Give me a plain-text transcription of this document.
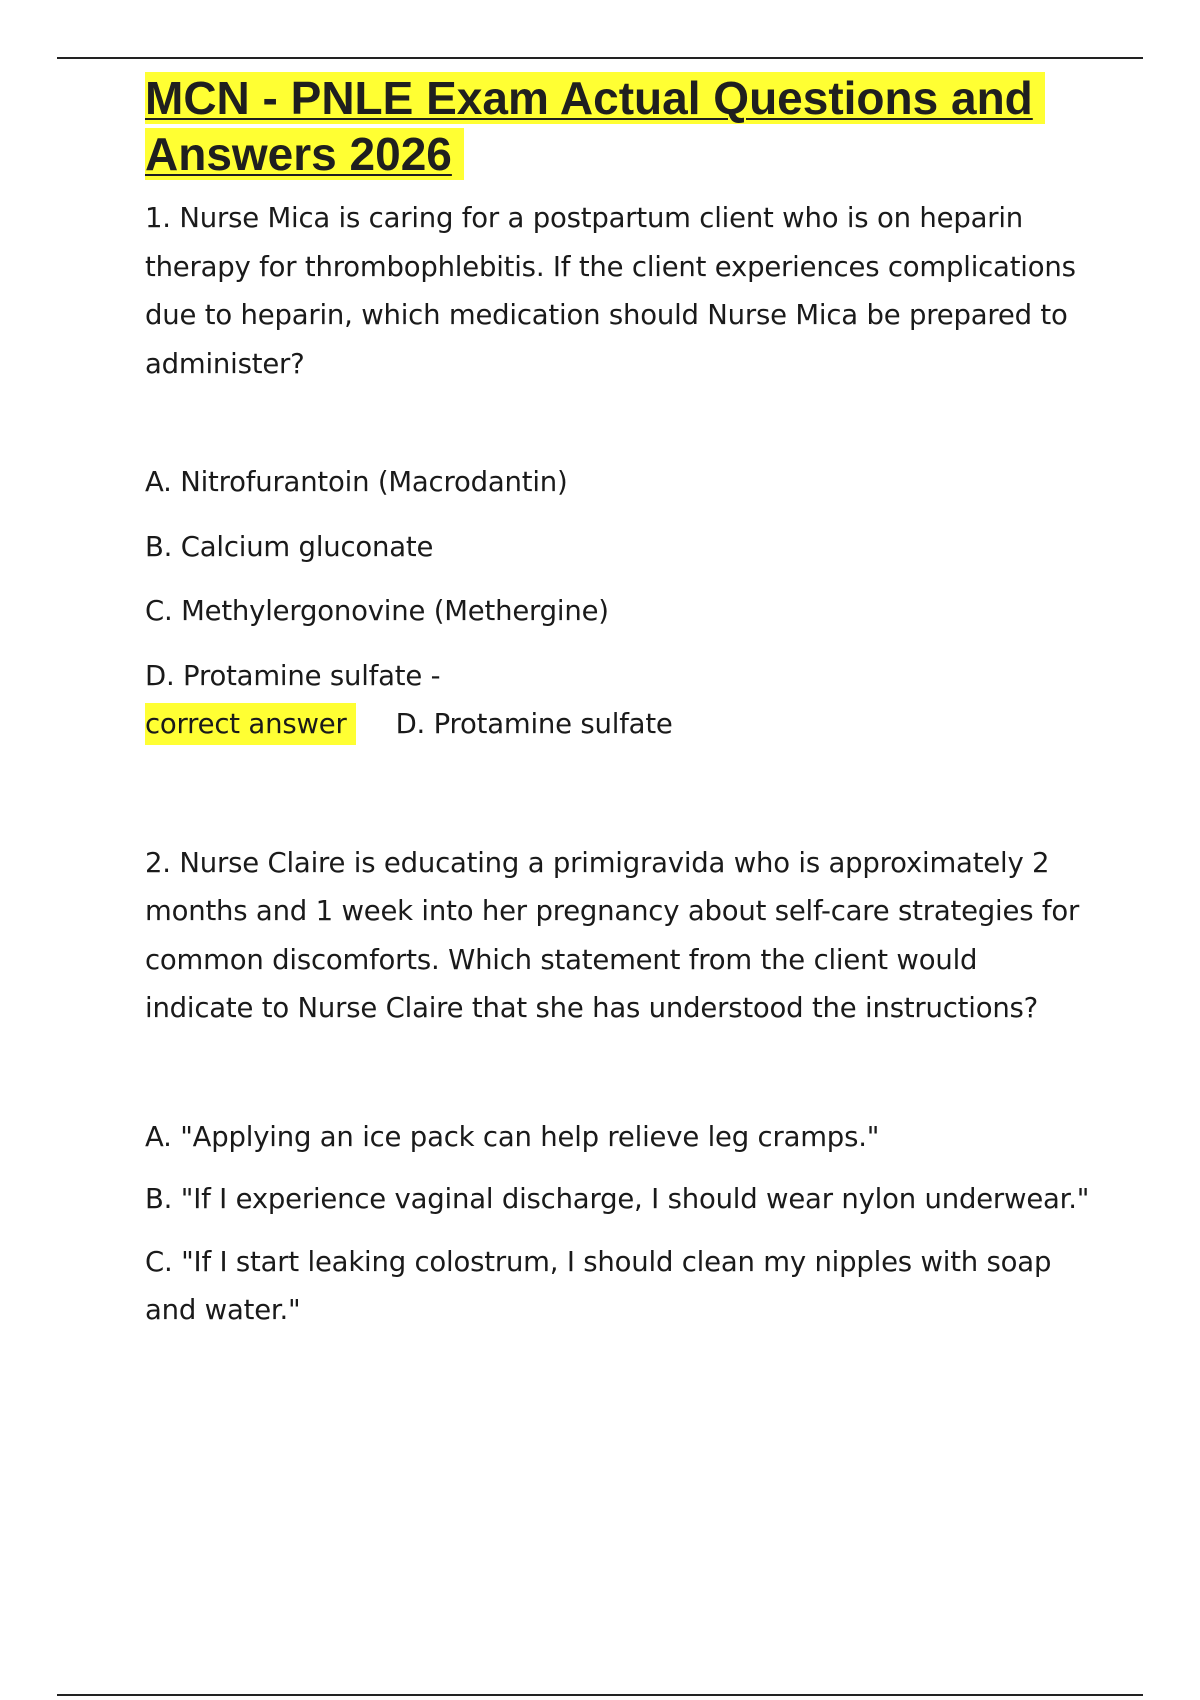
MCN - PNLE Exam Actual Questions and Answers 2026

1. Nurse Mica is caring for a postpartum client who is on heparin therapy for thrombophlebitis. If the client experiences complications due to heparin, which medication should Nurse Mica be prepared to administer?

A. Nitrofurantoin (Macrodantin)
B. Calcium gluconate
C. Methylergonovine (Methergine)
D. Protamine sulfate -
correct answer	D. Protamine sulfate

2. Nurse Claire is educating a primigravida who is approximately 2 months and 1 week into her pregnancy about self-care strategies for common discomforts. Which statement from the client would indicate to Nurse Claire that she has understood the instructions?

A. "Applying an ice pack can help relieve leg cramps."
B. "If I experience vaginal discharge, I should wear nylon underwear."
C. "If I start leaking colostrum, I should clean my nipples with soap and water."
